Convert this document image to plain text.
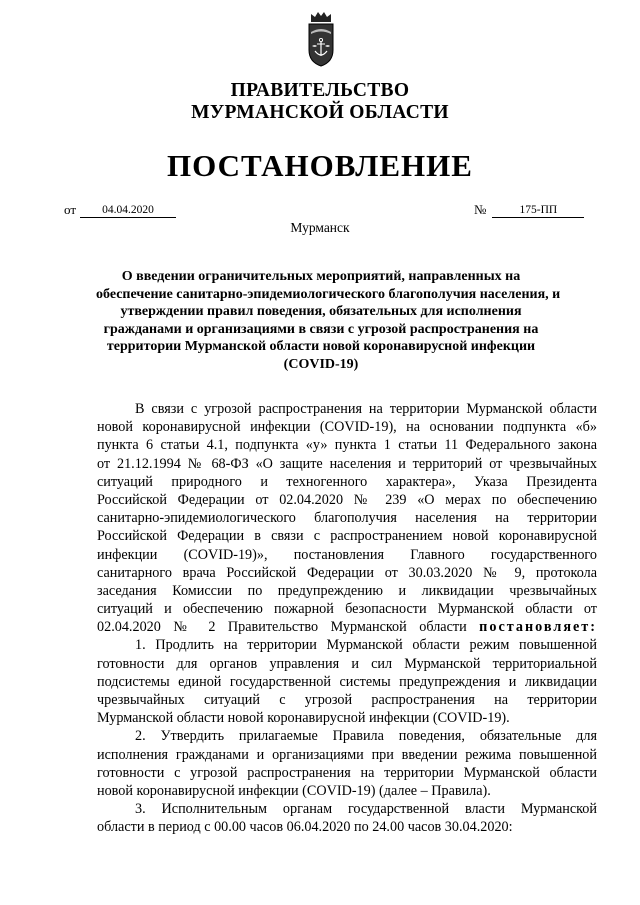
ПРАВИТЕЛЬСТВО
МУРМАНСКОЙ ОБЛАСТИ
ПОСТАНОВЛЕНИЕ
от	04.04.2020	№	175-ПП
Мурманск
О введении ограничительных мероприятий, направленных на
обеспечение санитарно-эпидемиологического благополучия населения, и
утверждении правил поведения, обязательных для исполнения
гражданами и организациями в связи с угрозой распространения на
территории Мурманской области новой коронавирусной инфекции
(COVID-19)
В связи с угрозой распространения на территории Мурманской области
новой коронавирусной инфекции (COVID-19), на основании подпункта «б»
пункта 6 статьи 4.1, подпункта «у» пункта 1 статьи 11 Федерального закона
от 21.12.1994 № 68-ФЗ «О защите населения и территорий от чрезвычайных
ситуаций природного и техногенного характера», Указа Президента
Российской Федерации от 02.04.2020 № 239 «О мерах по обеспечению
санитарно-эпидемиологического благополучия населения на территории
Российской Федерации в связи с распространением новой коронавирусной
инфекции (COVID-19)», постановления Главного государственного
санитарного врача Российской Федерации от 30.03.2020 № 9, протокола
заседания Комиссии по предупреждению и ликвидации чрезвычайных
ситуаций и обеспечению пожарной безопасности Мурманской области от
02.04.2020 № 2 Правительство Мурманской области постановляет:
1. Продлить на территории Мурманской области режим повышенной
готовности для органов управления и сил Мурманской территориальной
подсистемы единой государственной системы предупреждения и ликвидации
чрезвычайных ситуаций с угрозой распространения на территории
Мурманской области новой коронавирусной инфекции (COVID-19).
2. Утвердить прилагаемые Правила поведения, обязательные для
исполнения гражданами и организациями при введении режима повышенной
готовности с угрозой распространения на территории Мурманской области
новой коронавирусной инфекции (COVID-19) (далее – Правила).
3. Исполнительным органам государственной власти Мурманской
области в период с 00.00 часов 06.04.2020 по 24.00 часов 30.04.2020:
